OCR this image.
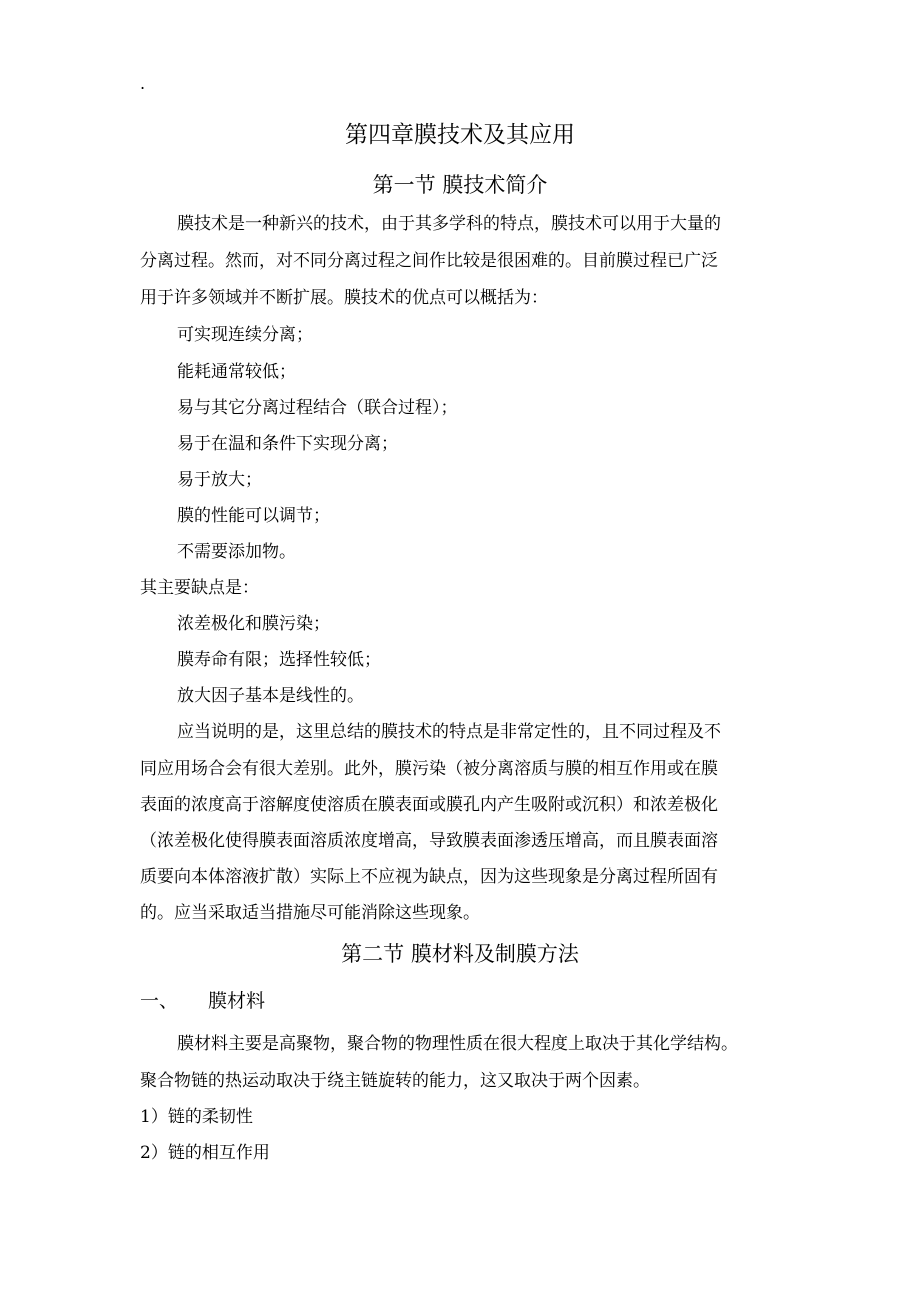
.
第四章膜技术及其应用
第一节 膜技术简介
膜技术是一种新兴的技术，由于其多学科的特点，膜技术可以用于大量的
分离过程。然而，对不同分离过程之间作比较是很困难的。目前膜过程已广泛
用于许多领域并不断扩展。膜技术的优点可以概括为：
可实现连续分离；
能耗通常较低；
易与其它分离过程结合（联合过程）；
易于在温和条件下实现分离；
易于放大；
膜的性能可以调节；
不需要添加物。
其主要缺点是：
浓差极化和膜污染；
膜寿命有限；选择性较低；
放大因子基本是线性的。
应当说明的是，这里总结的膜技术的特点是非常定性的，且不同过程及不
同应用场合会有很大差别。此外，膜污染（被分离溶质与膜的相互作用或在膜
表面的浓度高于溶解度使溶质在膜表面或膜孔内产生吸附或沉积）和浓差极化
（浓差极化使得膜表面溶质浓度增高，导致膜表面渗透压增高，而且膜表面溶
质要向本体溶液扩散）实际上不应视为缺点，因为这些现象是分离过程所固有
的。应当采取适当措施尽可能消除这些现象。
第二节 膜材料及制膜方法
一、 膜材料
膜材料主要是高聚物，聚合物的物理性质在很大程度上取决于其化学结构。
聚合物链的热运动取决于绕主链旋转的能力，这又取决于两个因素。
1）链的柔韧性
2）链的相互作用
